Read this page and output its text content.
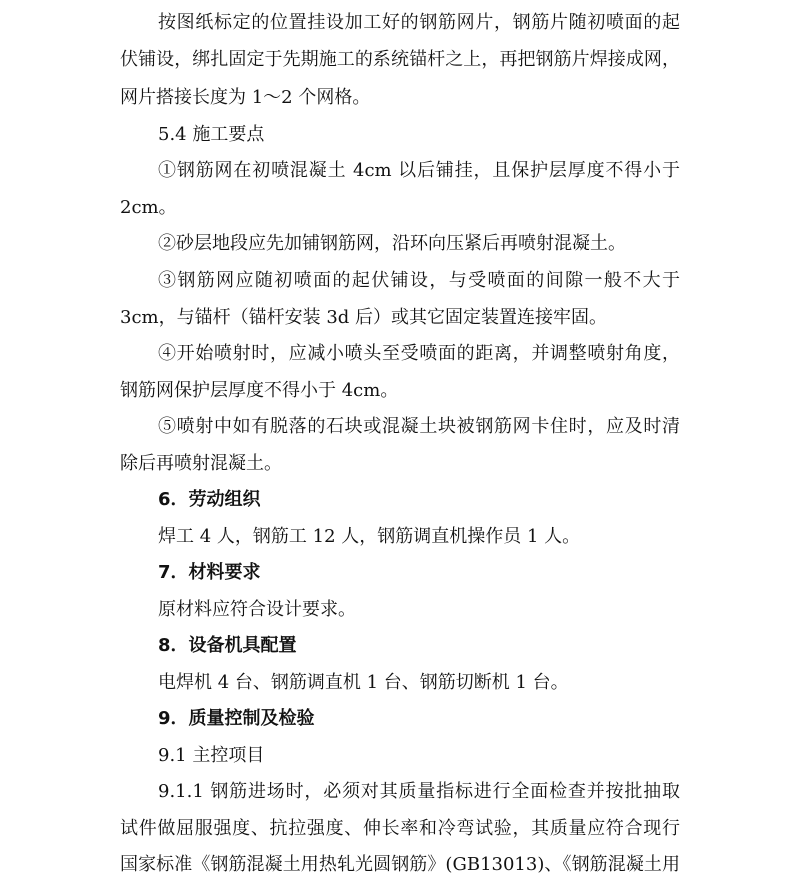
按图纸标定的位置挂设加工好的钢筋网片，钢筋片随初喷面的起
伏铺设，绑扎固定于先期施工的系统锚杆之上，再把钢筋片焊接成网，
网片搭接长度为 1～2 个网格。
5.4 施工要点
①钢筋网在初喷混凝土 4cm 以后铺挂，且保护层厚度不得小于
2cm。
②砂层地段应先加铺钢筋网，沿环向压紧后再喷射混凝土。
③钢筋网应随初喷面的起伏铺设，与受喷面的间隙一般不大于
3cm，与锚杆（锚杆安装 3d 后）或其它固定装置连接牢固。
④开始喷射时，应减小喷头至受喷面的距离，并调整喷射角度，
钢筋网保护层厚度不得小于 4cm。
⑤喷射中如有脱落的石块或混凝土块被钢筋网卡住时，应及时清
除后再喷射混凝土。
6．劳动组织
焊工 4 人，钢筋工 12 人，钢筋调直机操作员 1 人。
7．材料要求
原材料应符合设计要求。
8．设备机具配置
电焊机 4 台、钢筋调直机 1 台、钢筋切断机 1 台。
9．质量控制及检验
9.1 主控项目
9.1.1 钢筋进场时，必须对其质量指标进行全面检查并按批抽取
试件做屈服强度、抗拉强度、伸长率和冷弯试验，其质量应符合现行
国家标准《钢筋混凝土用热轧光圆钢筋》(GB13013)、《钢筋混凝土用
